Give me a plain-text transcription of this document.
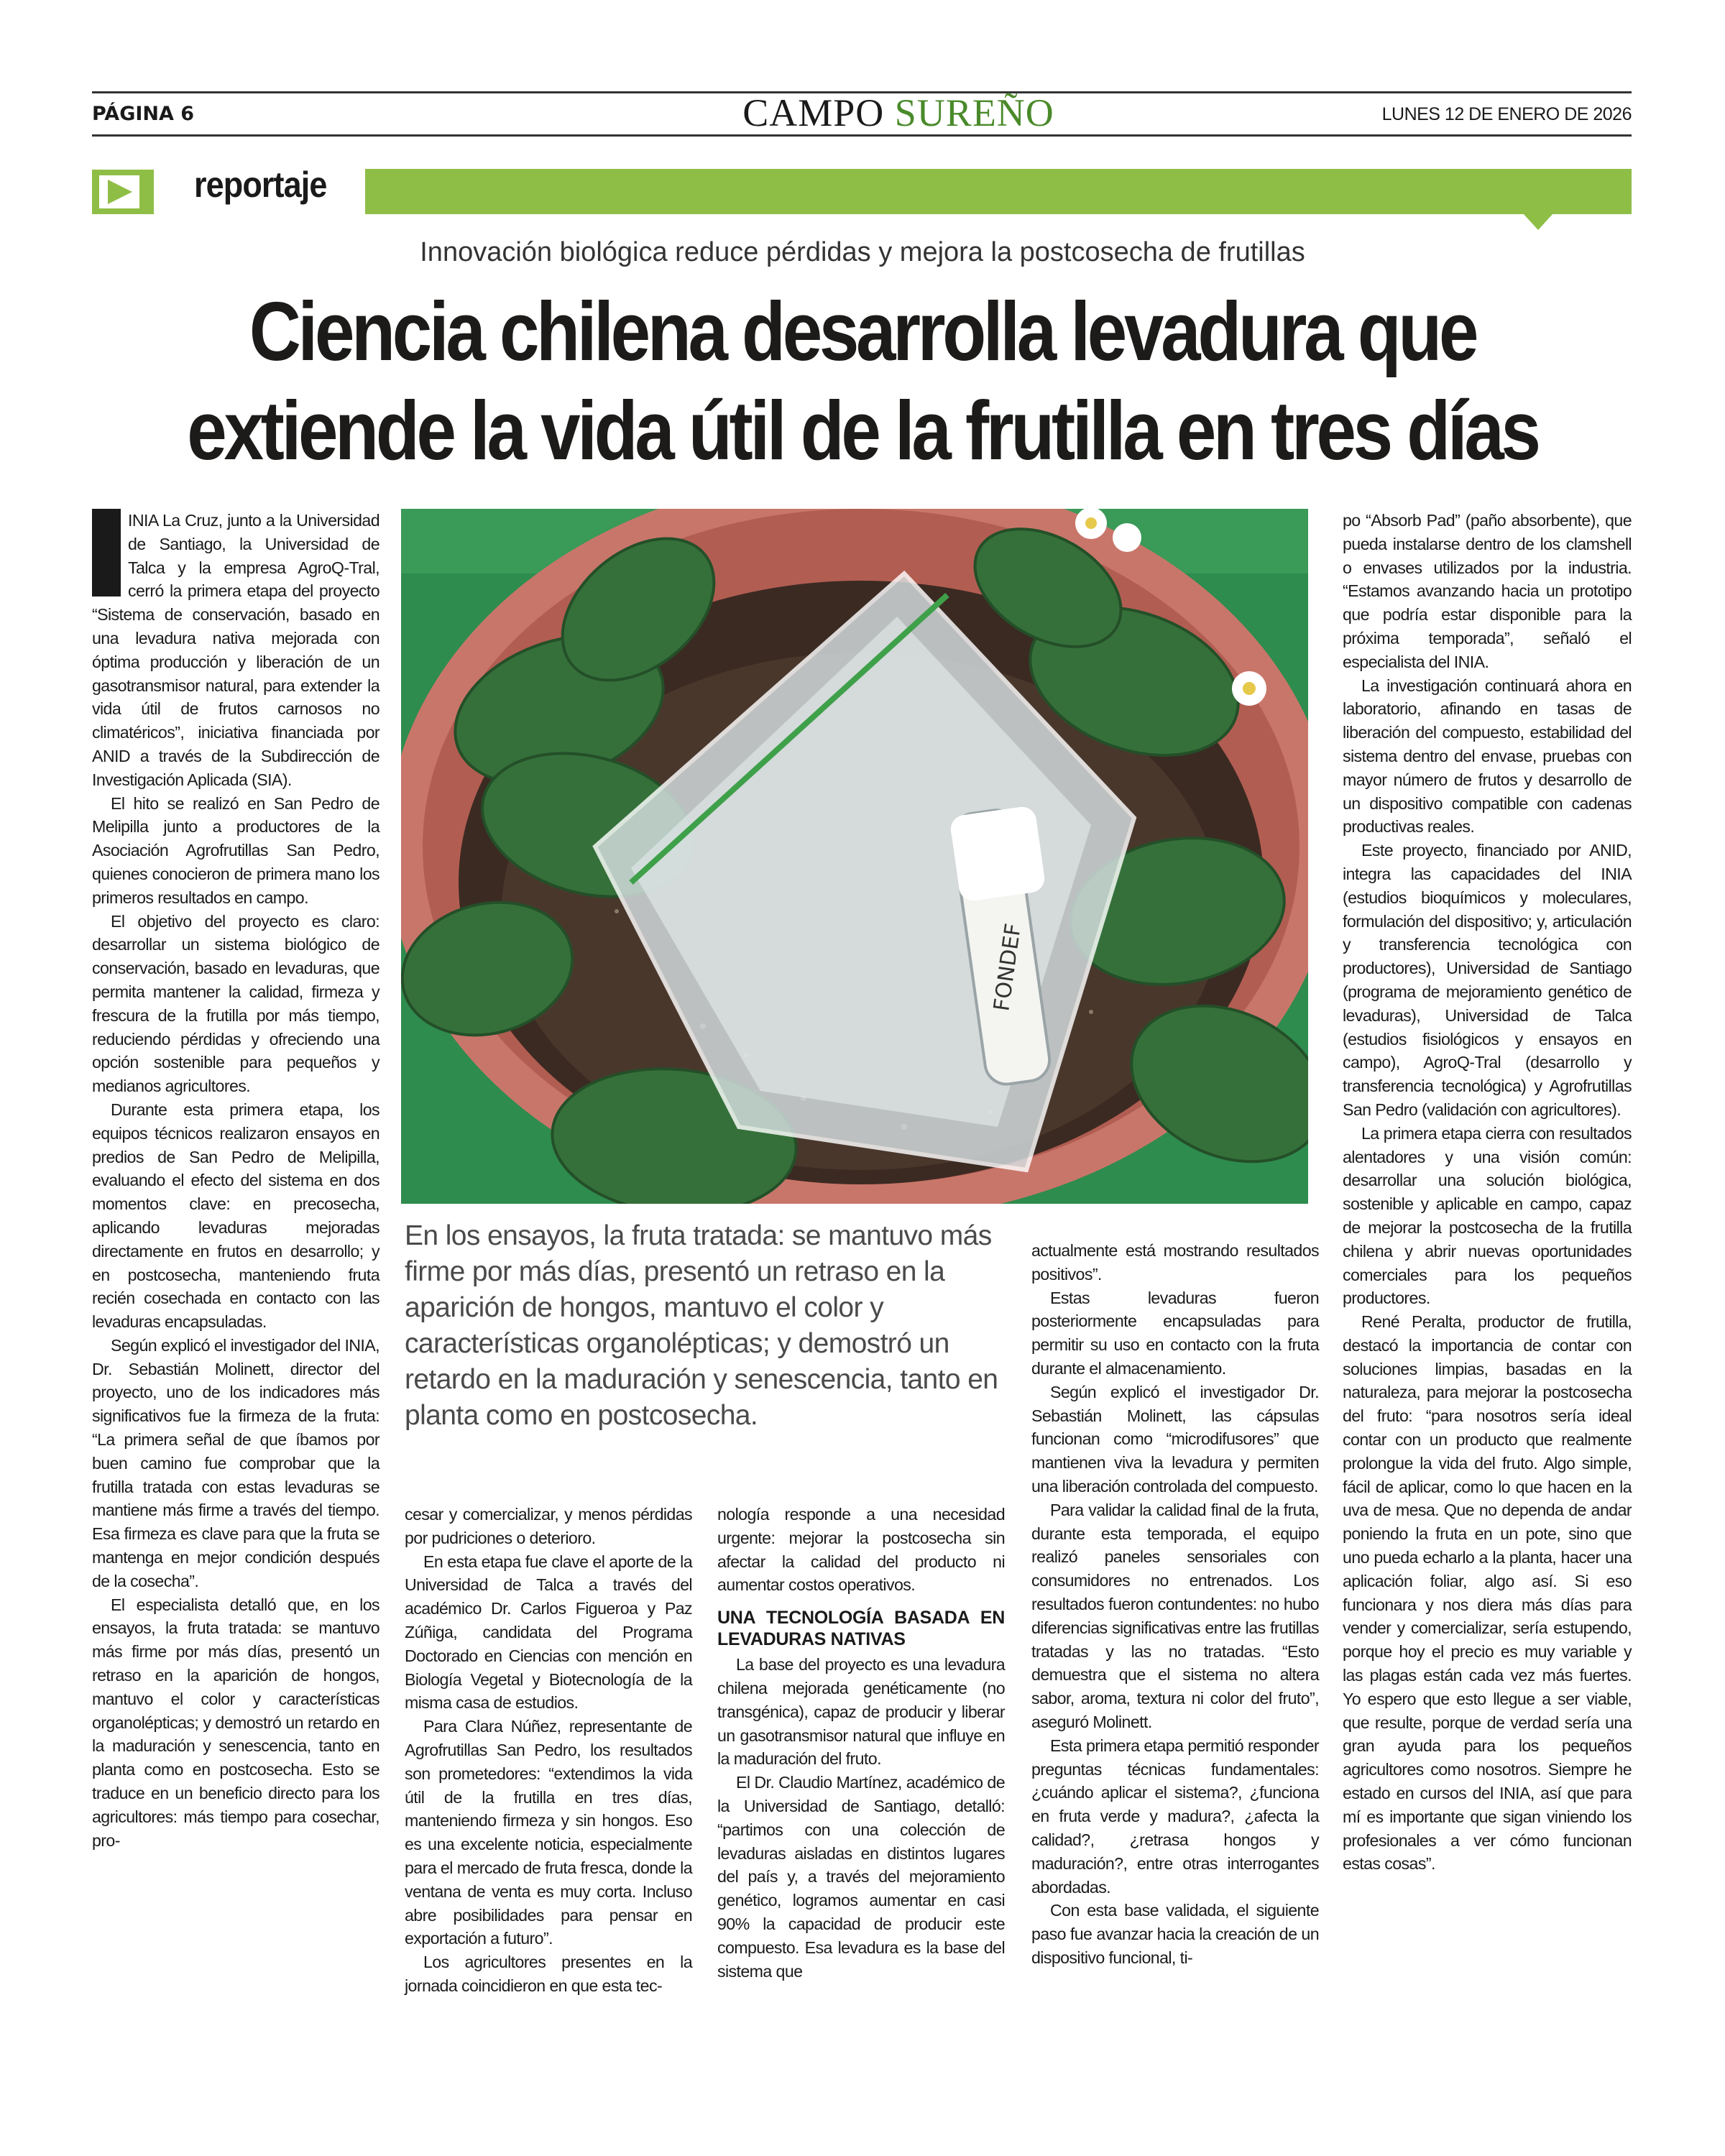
PÁGINA 6	CAMPO SUREÑO	LUNES 12 DE ENERO DE 2026
reportaje
Innovación biológica reduce pérdidas y mejora la postcosecha de frutillas
Ciencia chilena desarrolla levadura que
extiende la vida útil de la frutilla en tres días

INIA La Cruz, junto a la Universidad de Santiago, la Universidad de Talca y la empresa AgroQ-Tral, cerró la primera etapa del proyecto “Sistema de conservación, basado en una levadura nativa mejorada con óptima producción y liberación de un gasotransmisor natural, para extender la vida útil de frutos carnosos no climatéricos”, iniciativa financiada por ANID a través de la Subdirección de Investigación Aplicada (SIA).

El hito se realizó en San Pedro de Melipilla junto a productores de la Asociación Agrofrutillas San Pedro, quienes conocieron de primera mano los primeros resultados en campo.

El objetivo del proyecto es claro: desarrollar un sistema biológico de conservación, basado en levaduras, que permita mantener la calidad, firmeza y frescura de la frutilla por más tiempo, reduciendo pérdidas y ofreciendo una opción sostenible para pequeños y medianos agricultores.

Durante esta primera etapa, los equipos técnicos realizaron ensayos en predios de San Pedro de Melipilla, evaluando el efecto del sistema en dos momentos clave: en precosecha, aplicando levaduras mejoradas directamente en frutos en desarrollo; y en postcosecha, manteniendo fruta recién cosechada en contacto con las levaduras encapsuladas.

Según explicó el investigador del INIA, Dr. Sebastián Molinett, director del proyecto, uno de los indicadores más significativos fue la firmeza de la fruta: “La primera señal de que íbamos por buen camino fue comprobar que la frutilla tratada con estas levaduras se mantiene más firme a través del tiempo. Esa firmeza es clave para que la fruta se mantenga en mejor condición después de la cosecha”.

El especialista detalló que, en los ensayos, la fruta tratada: se mantuvo más firme por más días, presentó un retraso en la aparición de hongos, mantuvo el color y características organolépticas; y demostró un retardo en la maduración y senescencia, tanto en planta como en postcosecha. Esto se traduce en un beneficio directo para los agricultores: más tiempo para cosechar, pro-

FONDEF
En los ensayos, la fruta tratada: se mantuvo más firme por más días, presentó un retraso en la aparición de hongos, mantuvo el color y características organolépticas; y demostró un retardo en la maduración y senescencia, tanto en planta como en postcosecha.

cesar y comercializar, y menos pérdidas por pudriciones o deterioro.

En esta etapa fue clave el aporte de la Universidad de Talca a través del académico Dr. Carlos Figueroa y Paz Zúñiga, candidata del Programa Doctorado en Ciencias con mención en Biología Vegetal y Biotecnología de la misma casa de estudios.

Para Clara Núñez, representante de Agrofrutillas San Pedro, los resultados son prometedores: “extendimos la vida útil de la frutilla en tres días, manteniendo firmeza y sin hongos. Eso es una excelente noticia, especialmente para el mercado de fruta fresca, donde la ventana de venta es muy corta. Incluso abre posibilidades para pensar en exportación a futuro”.

Los agricultores presentes en la jornada coincidieron en que esta tec-

nología responde a una necesidad urgente: mejorar la postcosecha sin afectar la calidad del producto ni aumentar costos operativos.

UNA TECNOLOGÍA BASADA EN LEVADURAS NATIVAS

La base del proyecto es una levadura chilena mejorada genéticamente (no transgénica), capaz de producir y liberar un gasotransmisor natural que influye en la maduración del fruto.

El Dr. Claudio Martínez, académico de la Universidad de Santiago, detalló: “partimos con una colección de levaduras aisladas en distintos lugares del país y, a través del mejoramiento genético, logramos aumentar en casi 90% la capacidad de producir este compuesto. Esa levadura es la base del sistema que

actualmente está mostrando resultados positivos”.

Estas levaduras fueron posteriormente encapsuladas para permitir su uso en contacto con la fruta durante el almacenamiento.

Según explicó el investigador Dr. Sebastián Molinett, las cápsulas funcionan como “microdifusores” que mantienen viva la levadura y permiten una liberación controlada del compuesto.

Para validar la calidad final de la fruta, durante esta temporada, el equipo realizó paneles sensoriales con consumidores no entrenados. Los resultados fueron contundentes: no hubo diferencias significativas entre las frutillas tratadas y las no tratadas. “Esto demuestra que el sistema no altera sabor, aroma, textura ni color del fruto”, aseguró Molinett.

Esta primera etapa permitió responder preguntas técnicas fundamentales: ¿cuándo aplicar el sistema?, ¿funciona en fruta verde y madura?, ¿afecta la calidad?, ¿retrasa hongos y maduración?, entre otras interrogantes abordadas.

Con esta base validada, el siguiente paso fue avanzar hacia la creación de un dispositivo funcional, ti-

po “Absorb Pad” (paño absorbente), que pueda instalarse dentro de los clamshell o envases utilizados por la industria. “Estamos avanzando hacia un prototipo que podría estar disponible para la próxima temporada”, señaló el especialista del INIA.

La investigación continuará ahora en laboratorio, afinando en tasas de liberación del compuesto, estabilidad del sistema dentro del envase, pruebas con mayor número de frutos y desarrollo de un dispositivo compatible con cadenas productivas reales.

Este proyecto, financiado por ANID, integra las capacidades del INIA (estudios bioquímicos y moleculares, formulación del dispositivo; y, articulación y transferencia tecnológica con productores), Universidad de Santiago (programa de mejoramiento genético de levaduras), Universidad de Talca (estudios fisiológicos y ensayos en campo), AgroQ-Tral (desarrollo y transferencia tecnológica) y Agrofrutillas San Pedro (validación con agricultores).

La primera etapa cierra con resultados alentadores y una visión común: desarrollar una solución biológica, sostenible y aplicable en campo, capaz de mejorar la postcosecha de la frutilla chilena y abrir nuevas oportunidades comerciales para los pequeños productores.

René Peralta, productor de frutilla, destacó la importancia de contar con soluciones limpias, basadas en la naturaleza, para mejorar la postcosecha del fruto: “para nosotros sería ideal contar con un producto que realmente prolongue la vida del fruto. Algo simple, fácil de aplicar, como lo que hacen en la uva de mesa. Que no dependa de andar poniendo la fruta en un pote, sino que uno pueda echarlo a la planta, hacer una aplicación foliar, algo así. Si eso funcionara y nos diera más días para vender y comercializar, sería estupendo, porque hoy el precio es muy variable y las plagas están cada vez más fuertes. Yo espero que esto llegue a ser viable, que resulte, porque de verdad sería una gran ayuda para los pequeños agricultores como nosotros. Siempre he estado en cursos del INIA, así que para mí es importante que sigan viniendo los profesionales a ver cómo funcionan estas cosas”.
